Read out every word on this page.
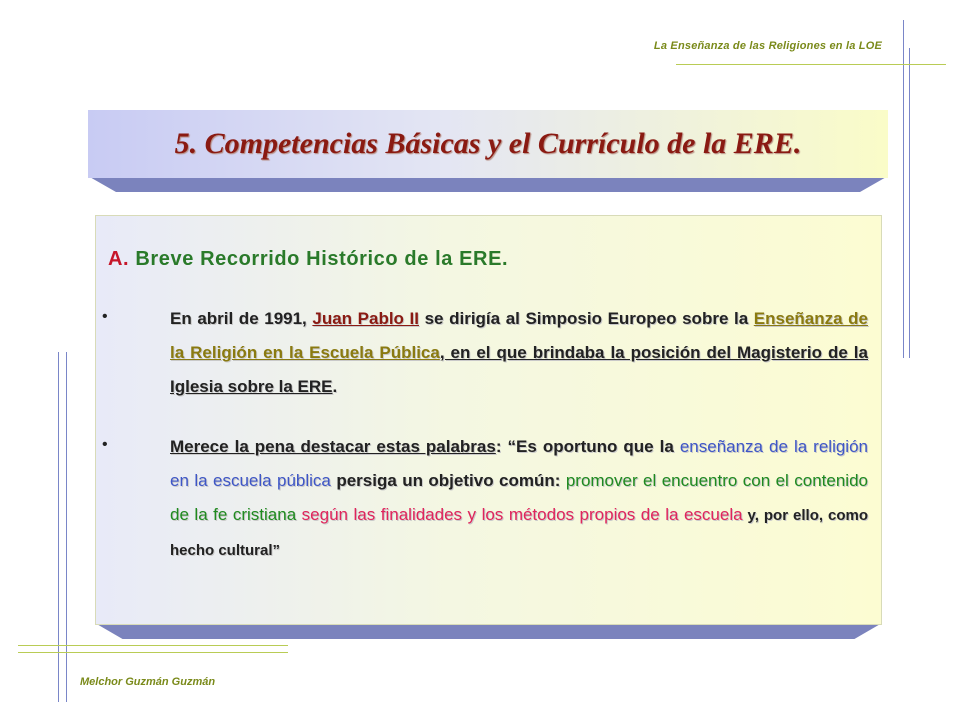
La Enseñanza de las Religiones en la LOE
5. Competencias Básicas y el Currículo de la ERE.
A. Breve Recorrido Histórico de la ERE.
•	En abril de 1991, Juan Pablo II se dirigía al Simposio Europeo sobre la Enseñanza de la Religión en la Escuela Pública, en el que brindaba la posición del Magisterio de la Iglesia sobre la ERE.
•	Merece la pena destacar estas palabras: “Es oportuno que la enseñanza de la religión en la escuela pública persiga un objetivo común: promover el encuentro con el contenido de la fe cristiana según las finalidades y los métodos propios de la escuela y, por ello, como hecho cultural”
Melchor Guzmán Guzmán
